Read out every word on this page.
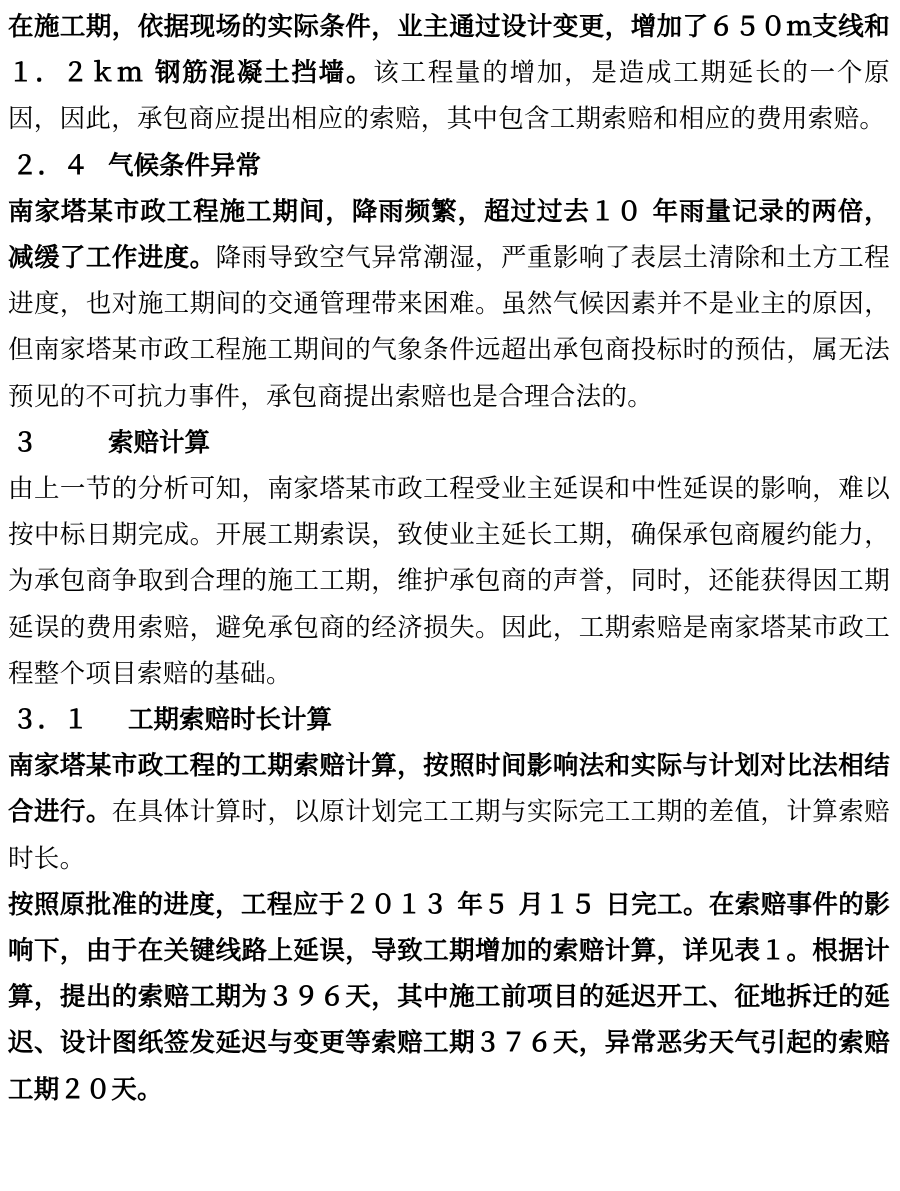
在施工期，依据现场的实际条件，业主通过设计变更，增加了６５０ｍ支线和１．２ｋｍ 钢筋混凝土挡墙。该工程量的增加，是造成工期延长的一个原因，因此，承包商应提出相应的索赔，其中包含工期索赔和相应的费用索赔。

２．４ 气候条件异常

南家塔某市政工程施工期间，降雨频繁，超过过去１０ 年雨量记录的两倍，减缓了工作进度。降雨导致空气异常潮湿，严重影响了表层土清除和土方工程进度，也对施工期间的交通管理带来困难。虽然气候因素并不是业主的原因，但南家塔某市政工程施工期间的气象条件远超出承包商投标时的预估，属无法预见的不可抗力事件，承包商提出索赔也是合理合法的。

３	索赔计算

由上一节的分析可知，南家塔某市政工程受业主延误和中性延误的影响，难以按中标日期完成。开展工期索误，致使业主延长工期，确保承包商履约能力，为承包商争取到合理的施工工期，维护承包商的声誉，同时，还能获得因工期延误的费用索赔，避免承包商的经济损失。因此，工期索赔是南家塔某市政工程整个项目索赔的基础。

３．１ 工期索赔时长计算

南家塔某市政工程的工期索赔计算，按照时间影响法和实际与计划对比法相结合进行。在具体计算时，以原计划完工工期与实际完工工期的差值，计算索赔时长。

按照原批准的进度，工程应于２０１３ 年５ 月１５ 日完工。在索赔事件的影响下，由于在关键线路上延误，导致工期增加的索赔计算，详见表１。根据计算，提出的索赔工期为３９６天，其中施工前项目的延迟开工、征地拆迁的延迟、设计图纸签发延迟与变更等索赔工期３７６天，异常恶劣天气引起的索赔工期２０天。
